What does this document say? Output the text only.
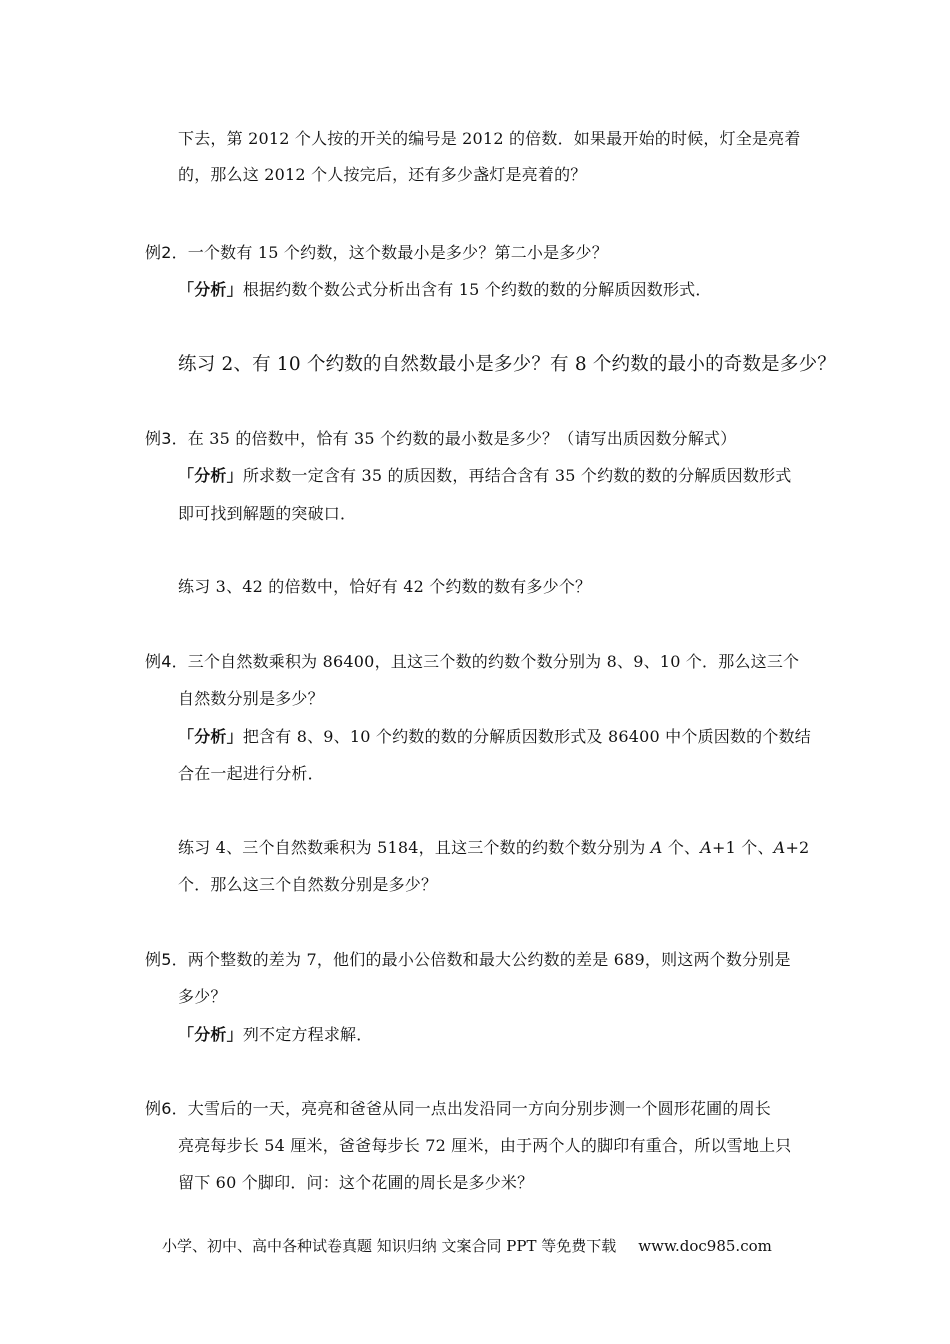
下去，第 2012 个人按的开关的编号是 2012 的倍数．如果最开始的时候，灯全是亮着
的，那么这 2012 个人按完后，还有多少盏灯是亮着的？
例2．一个数有 15 个约数，这个数最小是多少？第二小是多少？
「分析」根据约数个数公式分析出含有 15 个约数的数的分解质因数形式．
练习 2、有 10 个约数的自然数最小是多少？有 8 个约数的最小的奇数是多少？
例3．在 35 的倍数中，恰有 35 个约数的最小数是多少？（请写出质因数分解式）
「分析」所求数一定含有 35 的质因数，再结合含有 35 个约数的数的分解质因数形式
即可找到解题的突破口．
练习 3、42 的倍数中，恰好有 42 个约数的数有多少个？
例4．三个自然数乘积为 86400，且这三个数的约数个数分别为 8、9、10 个．那么这三个
自然数分别是多少？
「分析」把含有 8、9、10 个约数的数的分解质因数形式及 86400 中个质因数的个数结
合在一起进行分析．
练习 4、三个自然数乘积为 5184，且这三个数的约数个数分别为 A 个、A+1 个、A+2
个．那么这三个自然数分别是多少？
例5．两个整数的差为 7，他们的最小公倍数和最大公约数的差是 689，则这两个数分别是
多少？
「分析」列不定方程求解．
例6．大雪后的一天，亮亮和爸爸从同一点出发沿同一方向分别步测一个圆形花圃的周长
亮亮每步长 54 厘米，爸爸每步长 72 厘米，由于两个人的脚印有重合，所以雪地上只
留下 60 个脚印．问：这个花圃的周长是多少米？
小学、初中、高中各种试卷真题 知识归纳 文案合同 PPT 等免费下载 www.doc985.com
